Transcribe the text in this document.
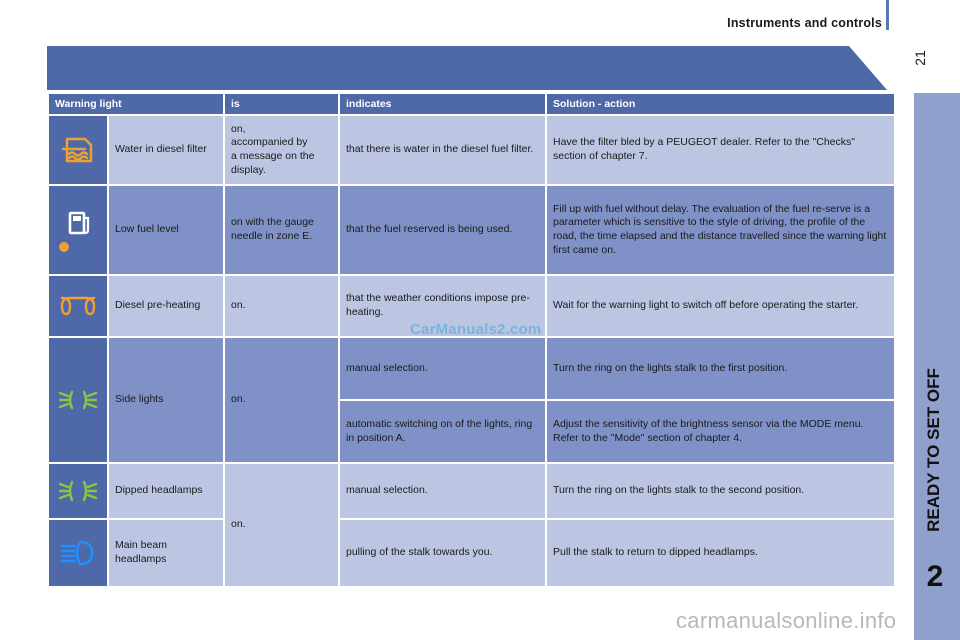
Instruments and controls
21
READY TO SET OFF
2
Warning light		is	indicates	Solution - action

	Water in diesel filter	on,
accompanied by
a message on the
display.	that there is water in the diesel fuel filter.	Have the filter bled by a PEUGEOT dealer. Refer to the "Checks" section of chapter 7.

	Low fuel level	on with the gauge needle in zone E.	that the fuel reserved is being used.	Fill up with fuel without delay. The evaluation of the fuel re-serve is a parameter which is sensitive to the style of driving, the profile of the road, the time elapsed and the distance travelled since the warning light first came on.

	Diesel pre-heating	on.	that the weather conditions impose pre-heating.	Wait for the warning light to switch off before operating the starter.

	Side lights	on.	manual selection.	Turn the ring on the lights stalk to the first position.
			automatic switching on of the lights, ring in position A.	Adjust the sensitivity of the brightness sensor via the MODE menu. Refer to the "Mode" section of chapter 4.

	Dipped headlamps	on.	manual selection.	Turn the ring on the lights stalk to the second position.

	Main beam headlamps		pulling of the stalk towards you.	Pull the stalk to return to dipped headlamps.
CarManuals2.com
carmanualsonline.info
